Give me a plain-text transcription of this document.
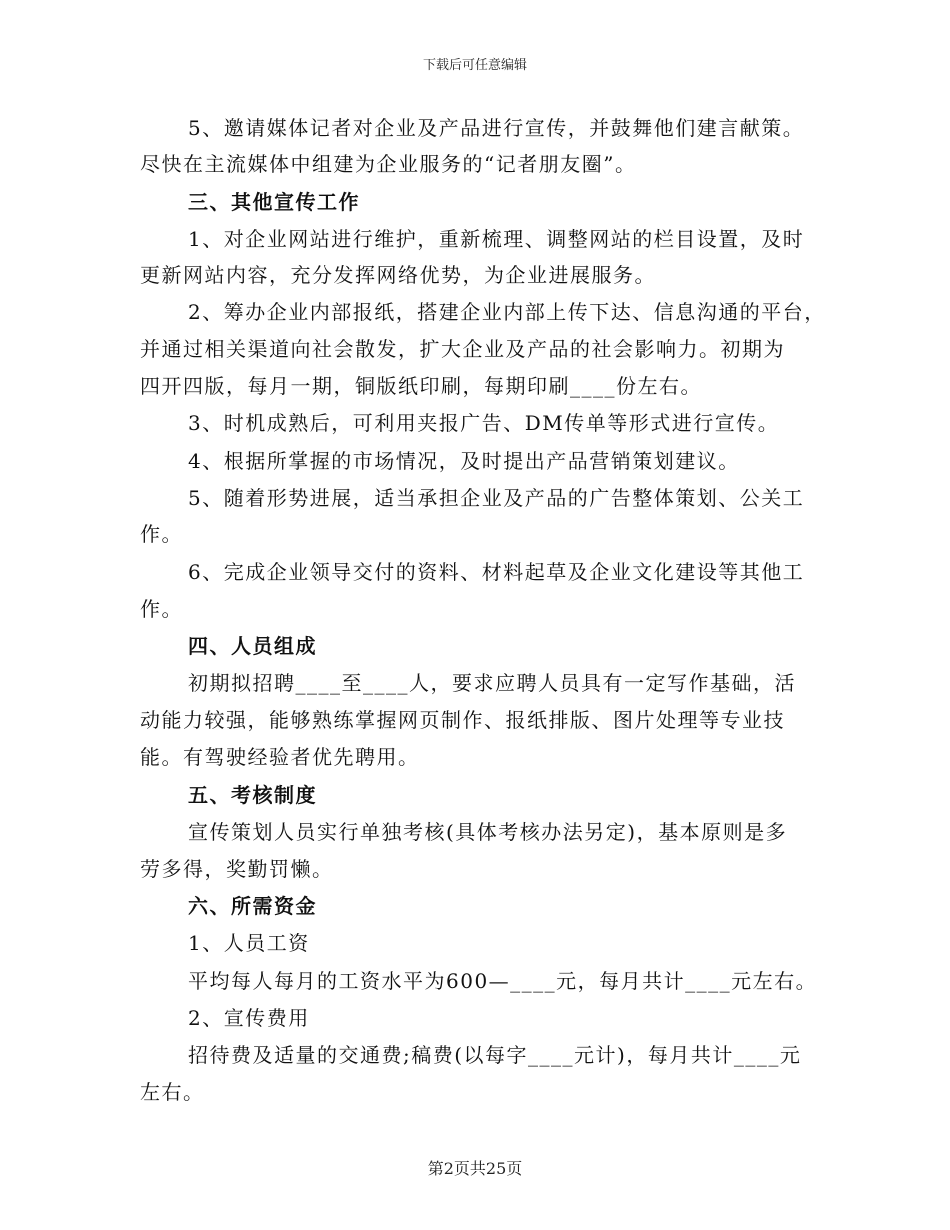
下载后可任意编辑
5、邀请媒体记者对企业及产品进行宣传，并鼓舞他们建言献策。
尽快在主流媒体中组建为企业服务的“记者朋友圈”。
三、其他宣传工作
1、对企业网站进行维护，重新梳理、调整网站的栏目设置，及时
更新网站内容，充分发挥网络优势，为企业进展服务。
2、筹办企业内部报纸，搭建企业内部上传下达、信息沟通的平台，
并通过相关渠道向社会散发，扩大企业及产品的社会影响力。初期为
四开四版，每月一期，铜版纸印刷，每期印刷____份左右。
3、时机成熟后，可利用夹报广告、DM传单等形式进行宣传。
4、根据所掌握的市场情况，及时提出产品营销策划建议。
5、随着形势进展，适当承担企业及产品的广告整体策划、公关工
作。
6、完成企业领导交付的资料、材料起草及企业文化建设等其他工
作。
四、人员组成
初期拟招聘____至____人，要求应聘人员具有一定写作基础，活
动能力较强，能够熟练掌握网页制作、报纸排版、图片处理等专业技
能。有驾驶经验者优先聘用。
五、考核制度
宣传策划人员实行单独考核(具体考核办法另定)，基本原则是多
劳多得，奖勤罚懒。
六、所需资金
1、人员工资
平均每人每月的工资水平为600—____元，每月共计____元左右。
2、宣传费用
招待费及适量的交通费;稿费(以每字____元计)，每月共计____元
左右。
第2页共25页
